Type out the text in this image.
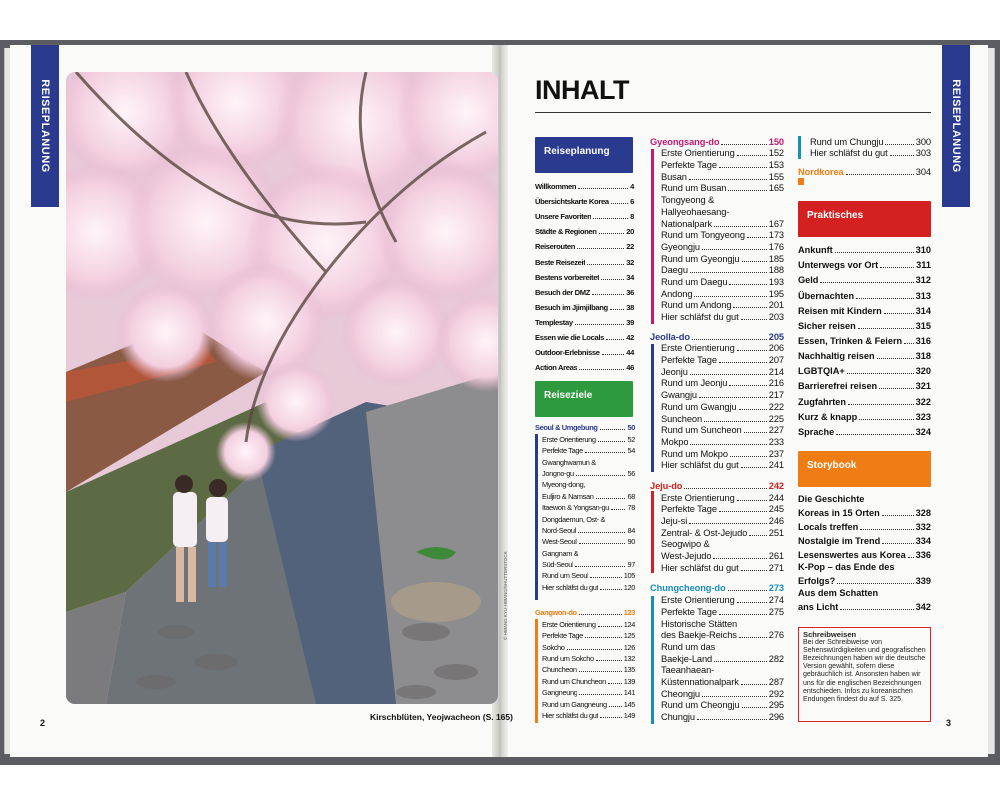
REISEPLANUNG	REISEPLANUNG
Kirschblüten, Yeojwacheon (S. 165)
© HWANG KYU-HWANG/SHUTTERSTOCK
2	3
INHALT
Reiseplanung
Willkommen	4
Übersichtskarte Korea	6
Unsere Favoriten	8
Städte & Regionen	20
Reiserouten	22
Beste Reisezeit	32
Bestens vorbereitet	34
Besuch der DMZ	36
Besuch im Jjimjilbang 38
Templestay	39
Essen wie die Locals	42
Outdoor-Erlebnisse	44
Action Areas	46
Reiseziele
Seoul & Umgebung	50
Erste Orientierung	52
Perfekte Tage	54
Gwanghwamun &
Jongno-gu	56
Myeong-dong,
Euljiro & Namsan	68
Itaewon & Yongsan-gu	78
Dongdaemun, Ost- &
Nord-Seoul	84
West-Seoul	90
Gangnam &
Süd-Seoul	97
Rund um Seoul	105
Hier schläfst du gut	120
Gangwon-do	123
Erste Orientierung	124
Perfekte Tage	125
Sokcho	126
Rund um Sokcho	132
Chuncheon	135
Rund um Chuncheon 139
Gangneung	141
Rund um Gangneung 145
Hier schläfst du gut	149
Gyeongsang-do	150
Erste Orientierung	152
Perfekte Tage	153
Busan	155
Rund um Busan	165
Tongyeong &
Hallyeohaesang-
Nationalpark	167
Rund um Tongyeong	173
Gyeongju	176
Rund um Gyeongju	185
Daegu	188
Rund um Daegu	193
Andong	195
Rund um Andong	201
Hier schläfst du gut	203
Jeolla-do	205
Erste Orientierung	206
Perfekte Tage	207
Jeonju	214
Rund um Jeonju	216
Gwangju	217
Rund um Gwangju	222
Suncheon	225
Rund um Suncheon	227
Mokpo	233
Rund um Mokpo	237
Hier schläfst du gut	241
Jeju-do	242
Erste Orientierung	244
Perfekte Tage	245
Jeju-si	246
Zentral- & Ost-Jejudo 251
Seogwipo &
West-Jejudo	261
Hier schläfst du gut	271
Chungcheong-do	273
Erste Orientierung	274
Perfekte Tage	275
Historische Stätten
des Baekje-Reichs	276
Rund um das
Baekje-Land	282
Taeanhaean-
Küstennationalpark	287
Cheongju	292
Rund um Cheongju	295
Chungju	296
Rund um Chungju	300
Hier schläfst du gut	303
Nordkorea	304
Praktisches
Ankunft	310
Unterwegs vor Ort	311
Geld	312
Übernachten	313
Reisen mit Kindern	314
Sicher reisen	315
Essen, Trinken & Feiern 316
Nachhaltig reisen	318
LGBTQIA+	320
Barrierefrei reisen	321
Zugfahrten	322
Kurz & knapp	323
Sprache	324
Storybook
Die Geschichte
Koreas in 15 Orten	328
Locals treffen	332
Nostalgie im Trend	334
Lesenswertes aus Korea 336
K-Pop – das Ende des
Erfolgs?	339
Aus dem Schatten
ans Licht	342
Schreibweisen
Bei der Schreibweise von Sehenswürdigkeiten und geografischen Bezeichnungen haben wir die deutsche Version gewählt, sofern diese gebräuchlich ist. Ansonsten haben wir uns für die englischen Bezeichnungen entschieden. Infos zu koreanischen Endungen findest du auf S. 325.
